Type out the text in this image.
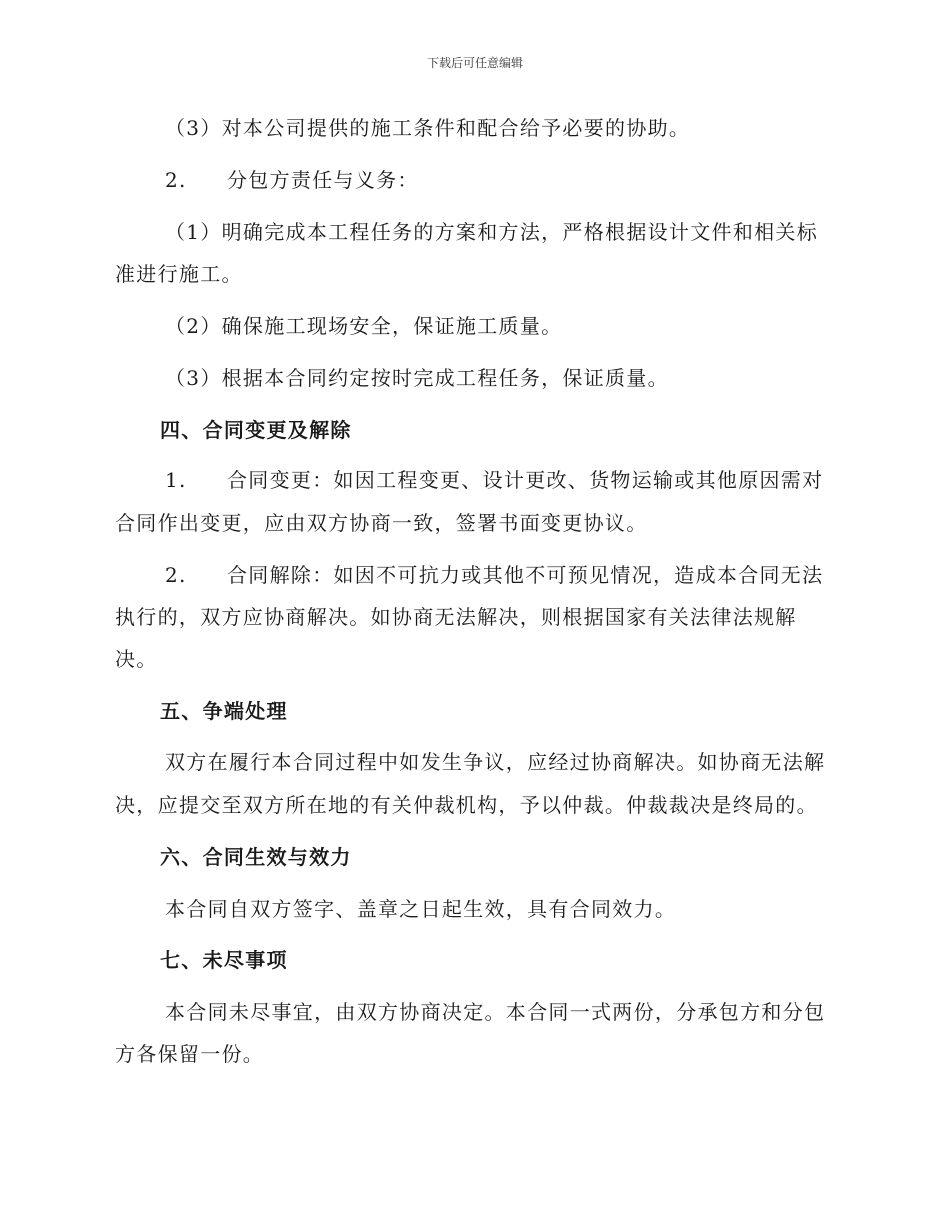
下载后可任意编辑
（3）对本公司提供的施工条件和配合给予必要的协助。
2. 分包方责任与义务：
（1）明确完成本工程任务的方案和方法，严格根据设计文件和相关标
准进行施工。
（2）确保施工现场安全，保证施工质量。
（3）根据本合同约定按时完成工程任务，保证质量。
四、合同变更及解除
1. 合同变更：如因工程变更、设计更改、货物运输或其他原因需对
合同作出变更，应由双方协商一致，签署书面变更协议。
2. 合同解除：如因不可抗力或其他不可预见情况，造成本合同无法
执行的，双方应协商解决。如协商无法解决，则根据国家有关法律法规解
决。
五、争端处理
双方在履行本合同过程中如发生争议，应经过协商解决。如协商无法解
决，应提交至双方所在地的有关仲裁机构，予以仲裁。仲裁裁决是终局的。
六、合同生效与效力
本合同自双方签字、盖章之日起生效，具有合同效力。
七、未尽事项
本合同未尽事宜，由双方协商决定。本合同一式两份，分承包方和分包
方各保留一份。
